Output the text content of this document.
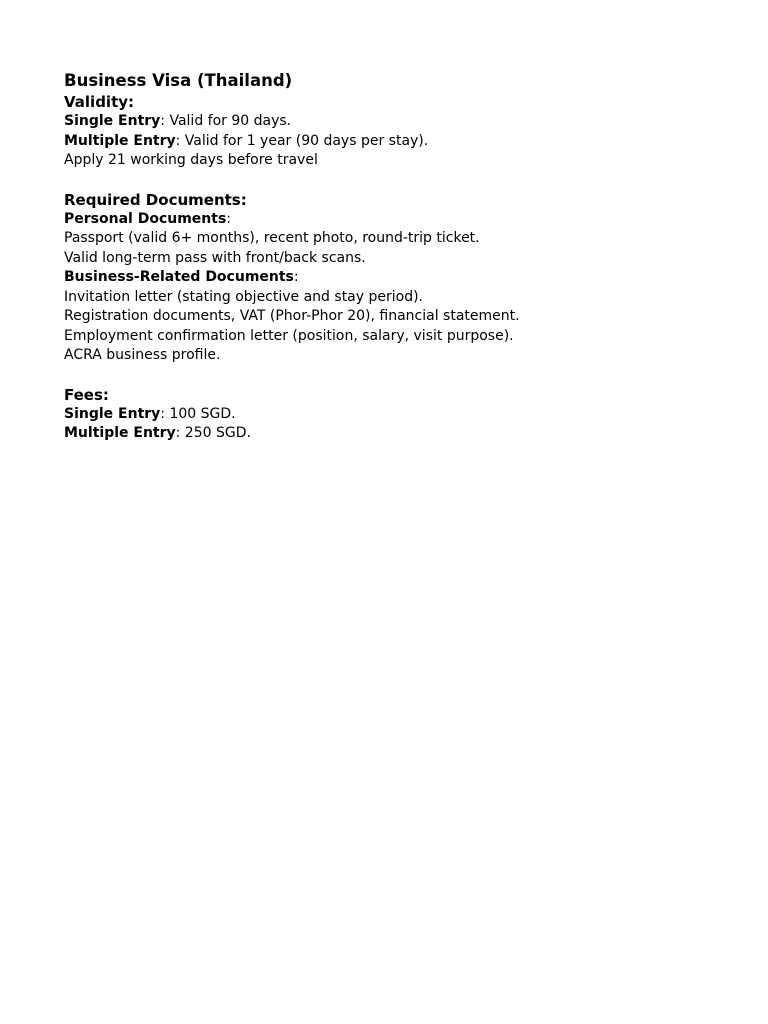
Business Visa (Thailand)
Validity:
Single Entry: Valid for 90 days.
Multiple Entry: Valid for 1 year (90 days per stay).
Apply 21 working days before travel
Required Documents:
Personal Documents:
Passport (valid 6+ months), recent photo, round-trip ticket.
Valid long-term pass with front/back scans.
Business-Related Documents:
Invitation letter (stating objective and stay period).
Registration documents, VAT (Phor-Phor 20), financial statement.
Employment confirmation letter (position, salary, visit purpose).
ACRA business profile.
Fees:
Single Entry: 100 SGD.
Multiple Entry: 250 SGD.
